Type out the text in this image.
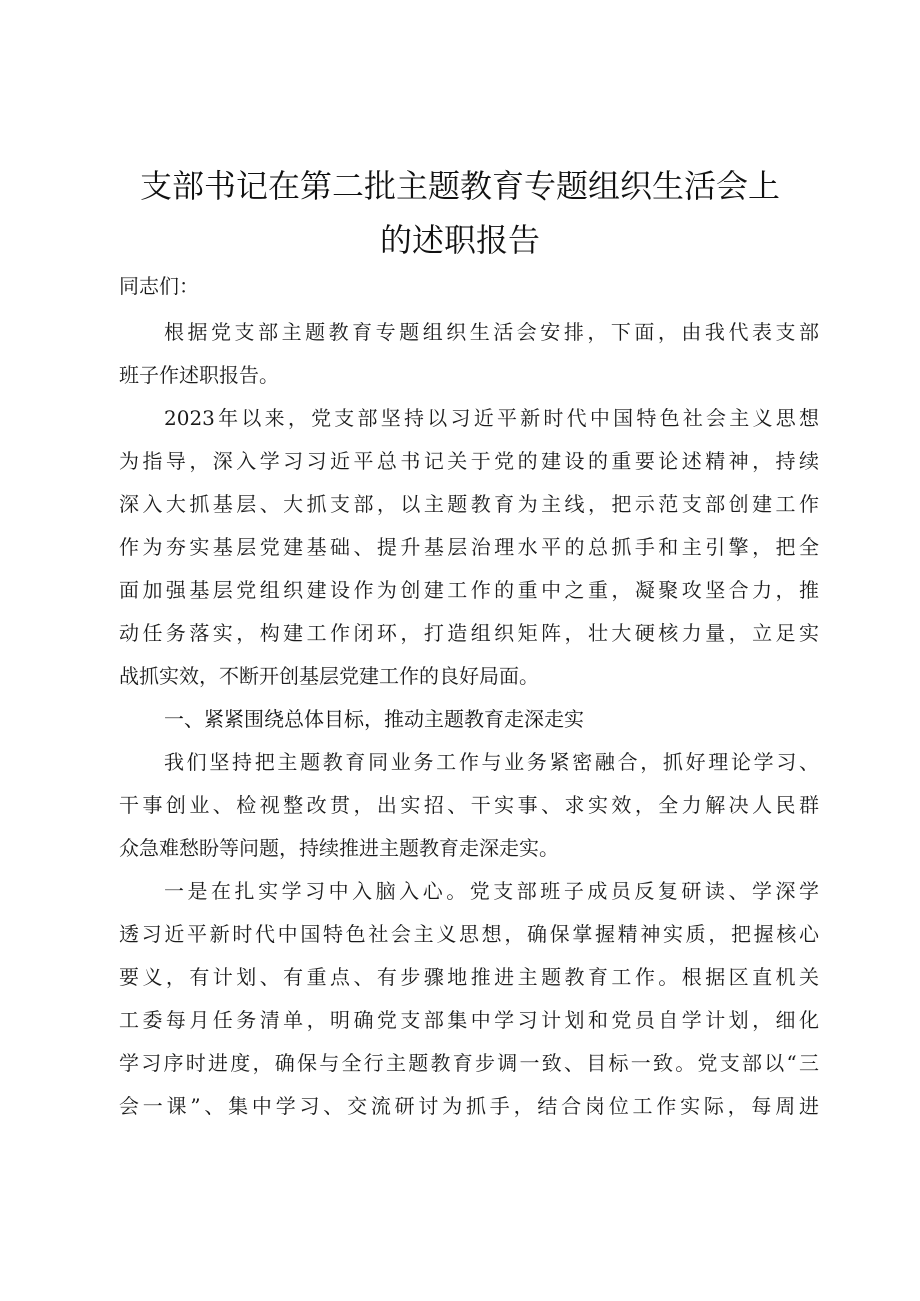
支部书记在第二批主题教育专题组织生活会上
的述职报告
同志们：
根据党支部主题教育专题组织生活会安排，下面，由我代表支部
班子作述职报告。
2023年以来，党支部坚持以习近平新时代中国特色社会主义思想
为指导，深入学习习近平总书记关于党的建设的重要论述精神，持续
深入大抓基层、大抓支部，以主题教育为主线，把示范支部创建工作
作为夯实基层党建基础、提升基层治理水平的总抓手和主引擎，把全
面加强基层党组织建设作为创建工作的重中之重，凝聚攻坚合力，推
动任务落实，构建工作闭环，打造组织矩阵，壮大硬核力量，立足实
战抓实效，不断开创基层党建工作的良好局面。
一、紧紧围绕总体目标，推动主题教育走深走实
我们坚持把主题教育同业务工作与业务紧密融合，抓好理论学习、
干事创业、检视整改贯，出实招、干实事、求实效，全力解决人民群
众急难愁盼等问题，持续推进主题教育走深走实。
一是在扎实学习中入脑入心。党支部班子成员反复研读、学深学
透习近平新时代中国特色社会主义思想，确保掌握精神实质，把握核心
要义，有计划、有重点、有步骤地推进主题教育工作。根据区直机关
工委每月任务清单，明确党支部集中学习计划和党员自学计划，细化
学习序时进度，确保与全行主题教育步调一致、目标一致。党支部以“三
会一课”、集中学习、交流研讨为抓手，结合岗位工作实际，每周进
